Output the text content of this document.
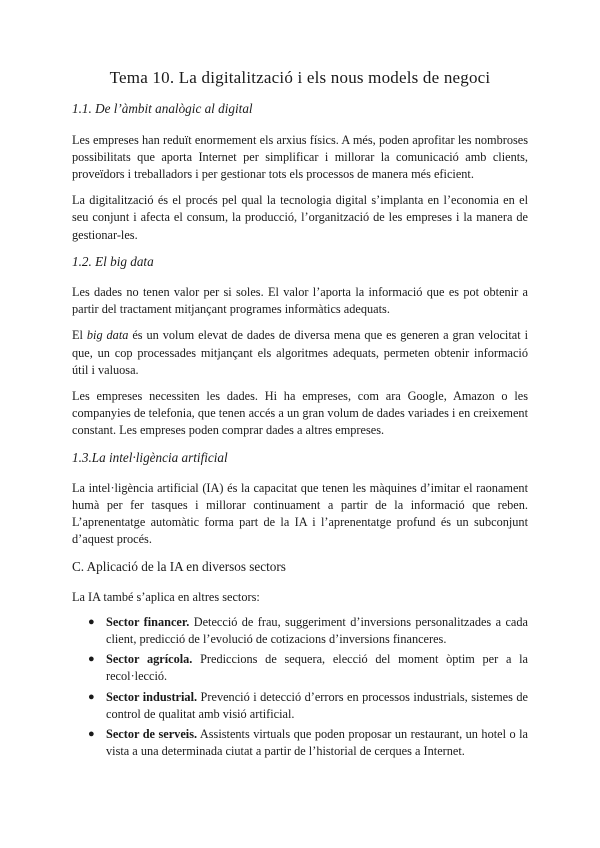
Tema 10. La digitalització i els nous models de negoci
1.1. De l’àmbit analògic al digital

Les empreses han reduït enormement els arxius físics. A més, poden aprofitar les nombroses possibilitats que aporta Internet per simplificar i millorar la comunicació amb clients, proveïdors i treballadors i per gestionar tots els processos de manera més eficient.

La digitalització és el procés pel qual la tecnologia digital s’implanta en l’economia en el seu conjunt i afecta el consum, la producció, l’organització de les empreses i la manera de gestionar-les.

1.2. El big data

Les dades no tenen valor per si soles. El valor l’aporta la informació que es pot obtenir a partir del tractament mitjançant programes informàtics adequats.

El big data és un volum elevat de dades de diversa mena que es generen a gran velocitat i que, un cop processades mitjançant els algoritmes adequats, permeten obtenir informació útil i valuosa.

Les empreses necessiten les dades. Hi ha empreses, com ara Google, Amazon o les companyies de telefonia, que tenen accés a un gran volum de dades variades i en creixement constant. Les empreses poden comprar dades a altres empreses.

1.3.La intel·ligència artificial

La intel·ligència artificial (IA) és la capacitat que tenen les màquines d’imitar el raonament humà per fer tasques i millorar continuament a partir de la informació que reben. L’aprenentatge automàtic forma part de la IA i l’aprenentatge profund és un subconjunt d’aquest procés.

C. Aplicació de la IA en diversos sectors

La IA també s’aplica en altres sectors:

● Sector financer. Detecció de frau, suggeriment d’inversions personalitzades a cada client, predicció de l’evolució de cotizacions d’inversions financeres.
● Sector agrícola. Prediccions de sequera, elecció del moment òptim per a la recol·lecció.
● Sector industrial. Prevenció i detecció d’errors en processos industrials, sistemes de control de qualitat amb visió artificial.
● Sector de serveis. Assistents virtuals que poden proposar un restaurant, un hotel o la vista a una determinada ciutat a partir de l’historial de cerques a Internet.
